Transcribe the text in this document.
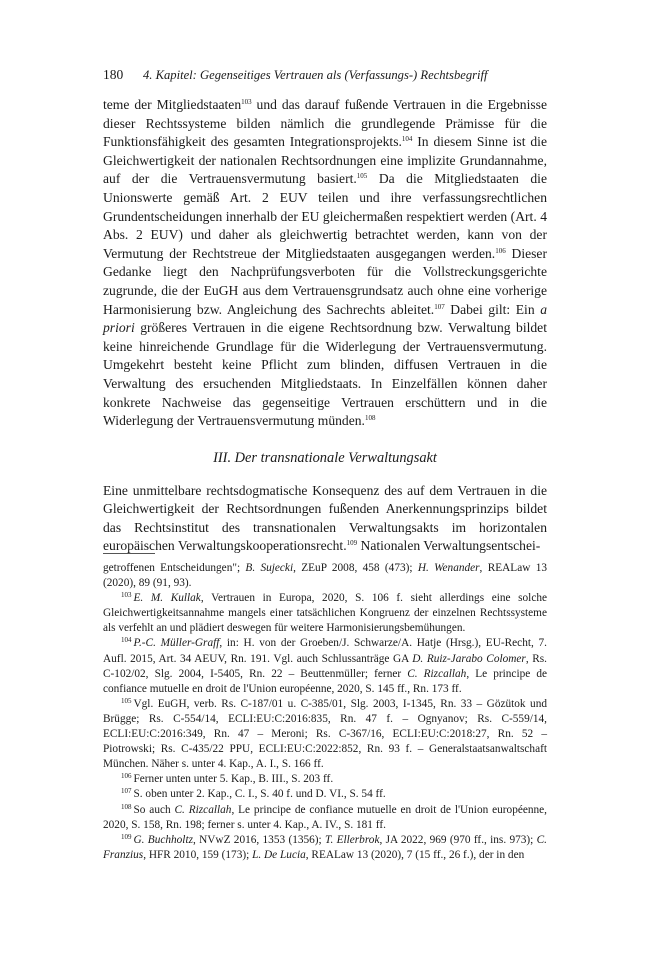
180 4. Kapitel: Gegenseitiges Vertrauen als (Verfassungs-) Rechtsbegriff

teme der Mitgliedstaaten$^{103}$ und das darauf fußende Vertrauen in die Ergebnisse dieser Rechtssysteme bilden nämlich die grundlegende Prämisse für die Funktionsfähigkeit des gesamten Integrationsprojekts.$^{104}$ In diesem Sinne ist die Gleichwertigkeit der nationalen Rechtsordnungen eine implizite Grundannahme, auf der die Vertrauensvermutung basiert.$^{105}$ Da die Mitgliedstaaten die Unionswerte gemäß Art. 2 EUV teilen und ihre verfassungsrechtlichen Grundentscheidungen innerhalb der EU gleichermaßen respektiert werden (Art. 4 Abs. 2 EUV) und daher als gleichwertig betrachtet werden, kann von der Vermutung der Rechtstreue der Mitgliedstaaten ausgegangen werden.$^{106}$ Dieser Gedanke liegt den Nachprüfungsverboten für die Vollstreckungsgerichte zugrunde, die der EuGH aus dem Vertrauensgrundsatz auch ohne eine vorherige Harmonisierung bzw. Angleichung des Sachrechts ableitet.$^{107}$ Dabei gilt: Ein a priori größeres Vertrauen in die eigene Rechtsordnung bzw. Verwaltung bildet keine hinreichende Grundlage für die Widerlegung der Vertrauensvermutung. Umgekehrt besteht keine Pflicht zum blinden, diffusen Vertrauen in die Verwaltung des ersuchenden Mitgliedstaats. In Einzelfällen können daher konkrete Nachweise das gegenseitige Vertrauen erschüttern und in die Widerlegung der Vertrauensvermutung münden.$^{108}$

III. Der transnationale Verwaltungsakt

Eine unmittelbare rechtsdogmatische Konsequenz des auf dem Vertrauen in die Gleichwertigkeit der Rechtsordnungen fußenden Anerkennungsprinzips bildet das Rechtsinstitut des transnationalen Verwaltungsakts im horizontalen europäischen Verwaltungskooperationsrecht.$^{109}$ Nationalen Verwaltungsentschei-

getroffenen Entscheidungen"; B. Sujecki, ZEuP 2008, 458 (473); H. Wenander, REALaw 13 (2020), 89 (91, 93).

$^{103}$ E. M. Kullak, Vertrauen in Europa, 2020, S. 106 f. sieht allerdings eine solche Gleichwertigkeitsannahme mangels einer tatsächlichen Kongruenz der einzelnen Rechtssysteme als verfehlt an und plädiert deswegen für weitere Harmonisierungsbemühungen.

$^{104}$ P.-C. Müller-Graff, in: H. von der Groeben/J. Schwarze/A. Hatje (Hrsg.), EU-Recht, 7. Aufl. 2015, Art. 34 AEUV, Rn. 191. Vgl. auch Schlussanträge GA D. Ruiz-Jarabo Colomer, Rs. C-102/02, Slg. 2004, I-5405, Rn. 22 – Beuttenmüller; ferner C. Rizcallah, Le principe de confiance mutuelle en droit de l'Union européenne, 2020, S. 145 ff., Rn. 173 ff.

$^{105}$ Vgl. EuGH, verb. Rs. C-187/01 u. C-385/01, Slg. 2003, I-1345, Rn. 33 – Gözütok und Brügge; Rs. C-554/14, ECLI:EU:C:2016:835, Rn. 47 f. – Ognyanov; Rs. C-559/14, ECLI:EU:C:2016:349, Rn. 47 – Meroni; Rs. C-367/16, ECLI:EU:C:2018:27, Rn. 52 – Piotrowski; Rs. C-435/22 PPU, ECLI:EU:C:2022:852, Rn. 93 f. – Generalstaatsanwaltschaft München. Näher s. unter 4. Kap., A. I., S. 166 ff.

$^{106}$ Ferner unten unter 5. Kap., B. III., S. 203 ff.

$^{107}$ S. oben unter 2. Kap., C. I., S. 40 f. und D. VI., S. 54 ff.

$^{108}$ So auch C. Rizcallah, Le principe de confiance mutuelle en droit de l'Union européenne, 2020, S. 158, Rn. 198; ferner s. unter 4. Kap., A. IV., S. 181 ff.

$^{109}$ G. Buchholtz, NVwZ 2016, 1353 (1356); T. Ellerbrok, JA 2022, 969 (970 ff., ins. 973); C. Franzius, HFR 2010, 159 (173); L. De Lucia, REALaw 13 (2020), 7 (15 ff., 26 f.), der in den
